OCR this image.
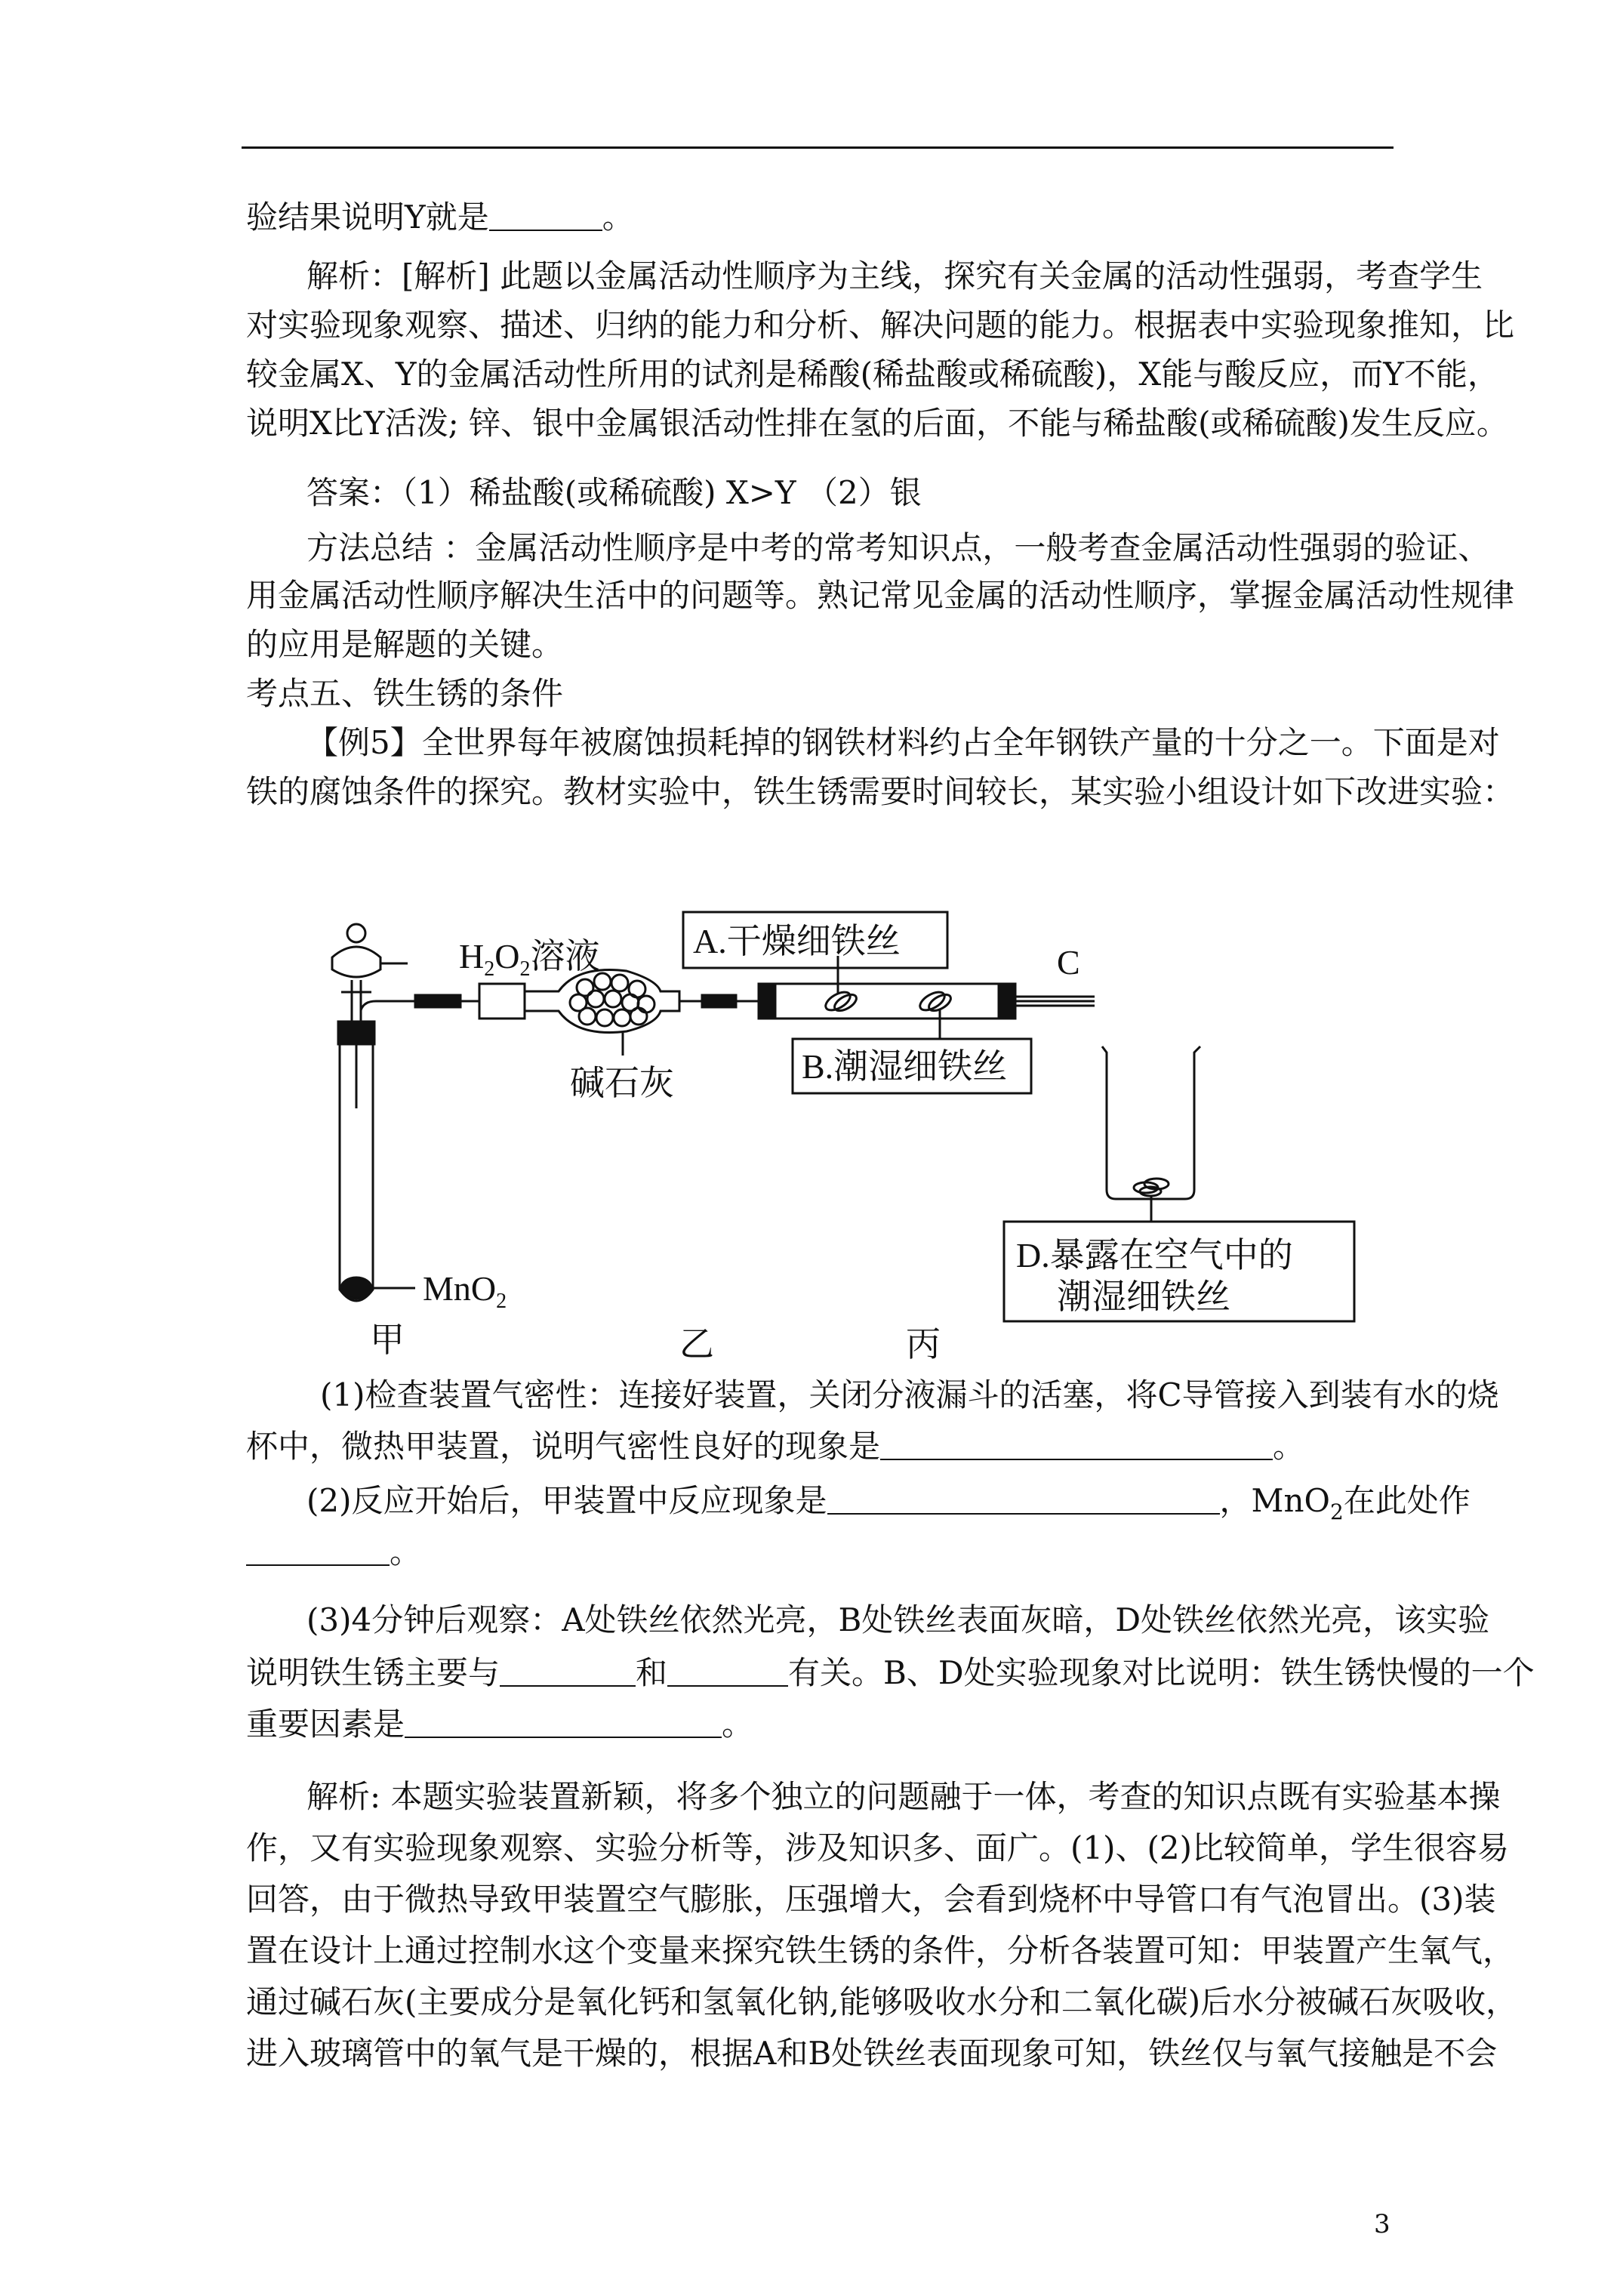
验结果说明Y就是	。
解析：[解析] 此题以金属活动性顺序为主线，探究有关金属的活动性强弱，考查学生
对实验现象观察、描述、归纳的能力和分析、解决问题的能力。根据表中实验现象推知，比
较金属X、Y的金属活动性所用的试剂是稀酸(稀盐酸或稀硫酸)，X能与酸反应，而Y不能，
说明X比Y活泼; 锌、银中金属银活动性排在氢的后面，不能与稀盐酸(或稀硫酸)发生反应。
答案：（1）稀盐酸(或稀硫酸) X>Y （2）银
方法总结 ：金属活动性顺序是中考的常考知识点，一般考查金属活动性强弱的验证、
用金属活动性顺序解决生活中的问题等。熟记常见金属的活动性顺序，掌握金属活动性规律
的应用是解题的关键。
考点五、铁生锈的条件
【例5】全世界每年被腐蚀损耗掉的钢铁材料约占全年钢铁产量的十分之一。下面是对
铁的腐蚀条件的探究。教材实验中，铁生锈需要时间较长，某实验小组设计如下改进实验：
$H_2O_2$溶液	A.干燥细铁丝
B.潮湿细铁丝
C
碱石灰
MnO$_2$
D.暴露在空气中的
潮湿细铁丝
甲	乙	丙
(1)检查装置气密性：连接好装置，关闭分液漏斗的活塞，将C导管接入到装有水的烧
杯中，微热甲装置，说明气密性良好的现象是	。
(2)反应开始后，甲装置中反应现象是	，MnO$_2$在此处作
。
(3)4分钟后观察：A处铁丝依然光亮，B处铁丝表面灰暗，D处铁丝依然光亮，该实验
说明铁生锈主要与	和	有关。B、D处实验现象对比说明：铁生锈快慢的一个
重要因素是	。
解析: 本题实验装置新颖，将多个独立的问题融于一体，考查的知识点既有实验基本操
作，又有实验现象观察、实验分析等，涉及知识多、面广。(1)、(2)比较简单，学生很容易
回答，由于微热导致甲装置空气膨胀，压强增大，会看到烧杯中导管口有气泡冒出。(3)装
置在设计上通过控制水这个变量来探究铁生锈的条件，分析各装置可知：甲装置产生氧气，
通过碱石灰(主要成分是氧化钙和氢氧化钠,能够吸收水分和二氧化碳)后水分被碱石灰吸收，
进入玻璃管中的氧气是干燥的，根据A和B处铁丝表面现象可知，铁丝仅与氧气接触是不会
3
